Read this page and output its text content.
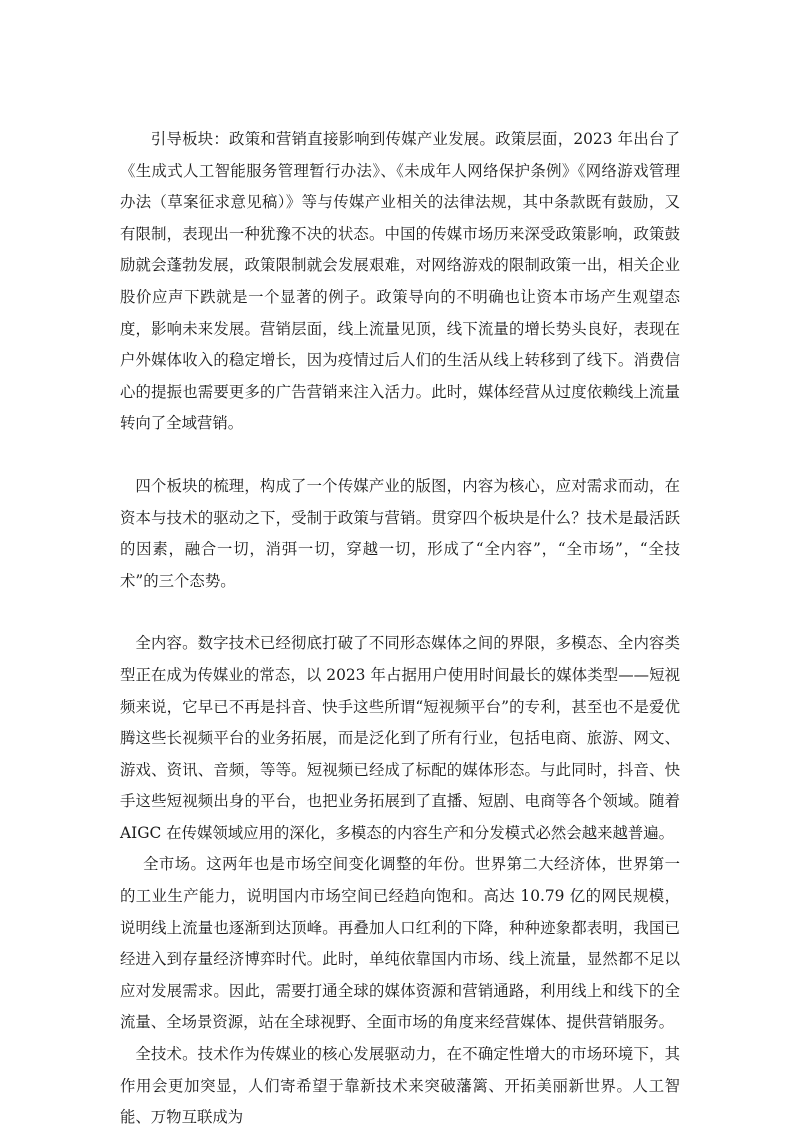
引导板块：政策和营销直接影响到传媒产业发展。政策层面，2023 年出台了《生成式人工智能服务管理暂行办法》、《未成年人网络保护条例》《网络游戏管理办法（草案征求意见稿）》等与传媒产业相关的法律法规，其中条款既有鼓励，又有限制，表现出一种犹豫不决的状态。中国的传媒市场历来深受政策影响，政策鼓励就会蓬勃发展，政策限制就会发展艰难，对网络游戏的限制政策一出，相关企业股价应声下跌就是一个显著的例子。政策导向的不明确也让资本市场产生观望态度，影响未来发展。营销层面，线上流量见顶，线下流量的增长势头良好，表现在户外媒体收入的稳定增长，因为疫情过后人们的生活从线上转移到了线下。消费信心的提振也需要更多的广告营销来注入活力。此时，媒体经营从过度依赖线上流量转向了全域营销。

四个板块的梳理，构成了一个传媒产业的版图，内容为核心，应对需求而动，在资本与技术的驱动之下，受制于政策与营销。贯穿四个板块是什么？技术是最活跃的因素，融合一切，消弭一切，穿越一切，形成了“全内容”，“全市场”，“全技术”的三个态势。

全内容。数字技术已经彻底打破了不同形态媒体之间的界限，多模态、全内容类型正在成为传媒业的常态，以 2023 年占据用户使用时间最长的媒体类型——短视频来说，它早已不再是抖音、快手这些所谓“短视频平台”的专利，甚至也不是爱优腾这些长视频平台的业务拓展，而是泛化到了所有行业，包括电商、旅游、网文、游戏、资讯、音频，等等。短视频已经成了标配的媒体形态。与此同时，抖音、快手这些短视频出身的平台，也把业务拓展到了直播、短剧、电商等各个领域。随着 AIGC 在传媒领域应用的深化，多模态的内容生产和分发模式必然会越来越普遍。

全市场。这两年也是市场空间变化调整的年份。世界第二大经济体，世界第一的工业生产能力，说明国内市场空间已经趋向饱和。高达 10.79 亿的网民规模，说明线上流量也逐渐到达顶峰。再叠加人口红利的下降，种种迹象都表明，我国已经进入到存量经济博弈时代。此时，单纯依靠国内市场、线上流量，显然都不足以应对发展需求。因此，需要打通全球的媒体资源和营销通路，利用线上和线下的全流量、全场景资源，站在全球视野、全面市场的角度来经营媒体、提供营销服务。

全技术。技术作为传媒业的核心发展驱动力，在不确定性增大的市场环境下，其作用会更加突显，人们寄希望于靠新技术来突破藩篱、开拓美丽新世界。人工智能、万物互联成为
